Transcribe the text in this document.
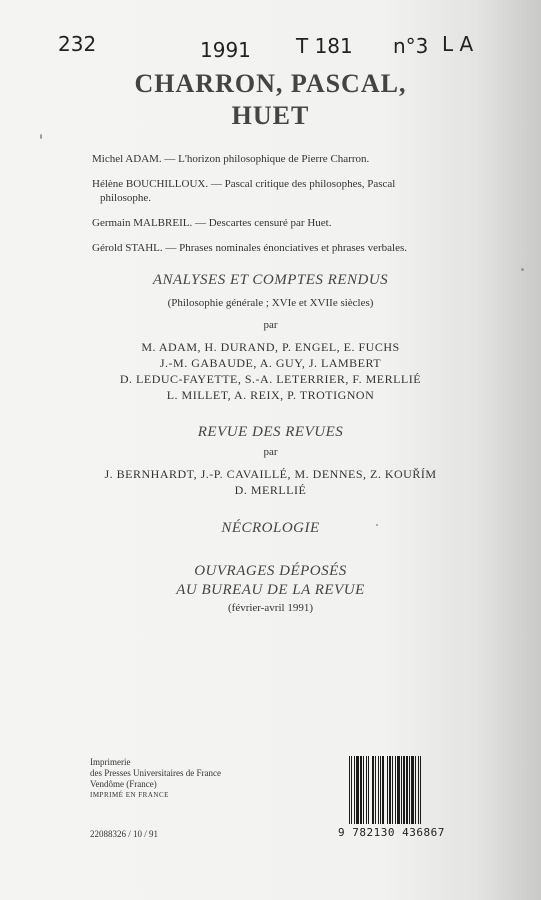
232	1991 T 181 n°3 L A
CHARRON, PASCAL,
HUET
Michel ADAM. — L'horizon philosophique de Pierre Charron.
Hélène BOUCHILLOUX. — Pascal critique des philosophes, Pascal
philosophe.
Germain MALBREIL. — Descartes censuré par Huet.
Gérold STAHL. — Phrases nominales énonciatives et phrases verbales.
ANALYSES ET COMPTES RENDUS
(Philosophie générale ; XVIe et XVIIe siècles)
par
M. ADAM, H. DURAND, P. ENGEL, E. FUCHS
J.-M. GABAUDE, A. GUY, J. LAMBERT
D. LEDUC-FAYETTE, S.-A. LETERRIER, F. MERLLIÉ
L. MILLET, A. REIX, P. TROTIGNON
REVUE DES REVUES
par
J. BERNHARDT, J.-P. CAVAILLÉ, M. DENNES, Z. KOUŘÍM
D. MERLLIÉ
NÉCROLOGIE
OUVRAGES DÉPOSÉS
AU BUREAU DE LA REVUE
(février-avril 1991)
Imprimerie
des Presses Universitaires de France
Vendôme (France)
IMPRIMÉ EN FRANCE
22088326 / 10 / 91	9 782130 436867
